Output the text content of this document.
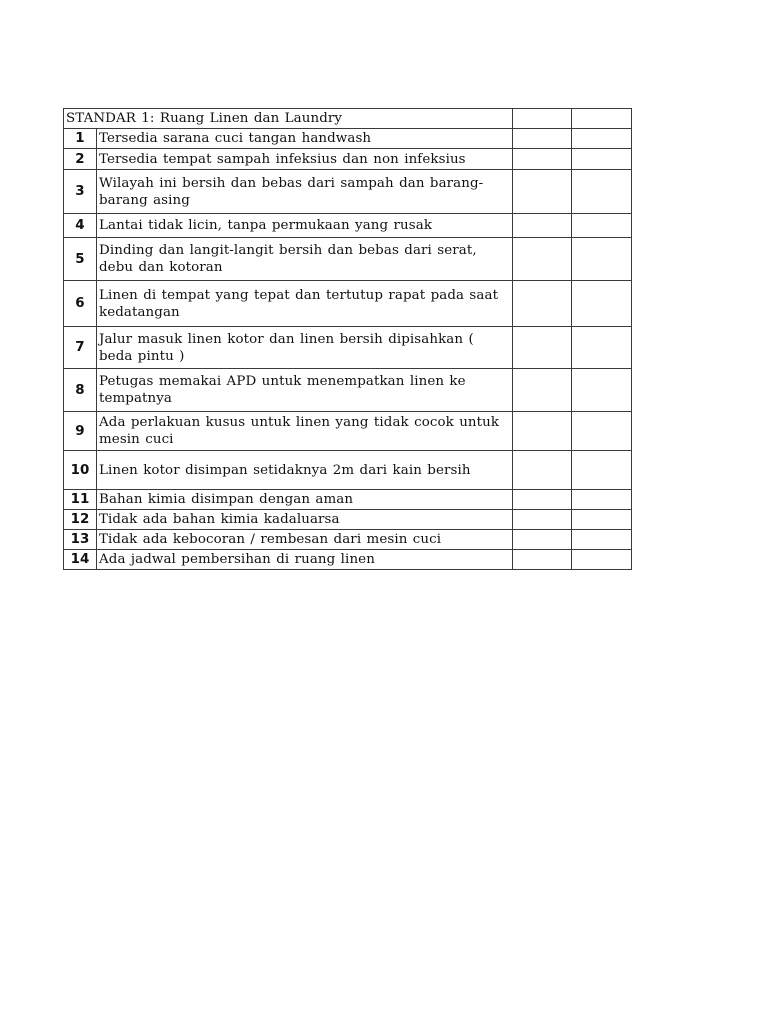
STANDAR 1: Ruang Linen dan Laundry			
1	Tersedia sarana cuci tangan handwash		
2	Tersedia tempat sampah infeksius dan non infeksius		
3	Wilayah ini bersih dan bebas dari sampah dan barang-barang asing		
4	Lantai tidak licin, tanpa permukaan yang rusak		
5	Dinding dan langit-langit bersih dan bebas dari serat, debu dan kotoran		
6	Linen di tempat yang tepat dan tertutup rapat pada saat kedatangan		
7	Jalur masuk linen kotor dan linen bersih dipisahkan ( beda pintu )		
8	Petugas memakai APD untuk menempatkan linen ke tempatnya		
9	Ada perlakuan kusus untuk linen yang tidak cocok untuk mesin cuci		
10	Linen kotor disimpan setidaknya 2m dari kain bersih		
11	Bahan kimia disimpan dengan aman		
12	Tidak ada bahan kimia kadaluarsa		
13	Tidak ada kebocoran / rembesan dari mesin cuci		
14	Ada jadwal pembersihan di ruang linen		
